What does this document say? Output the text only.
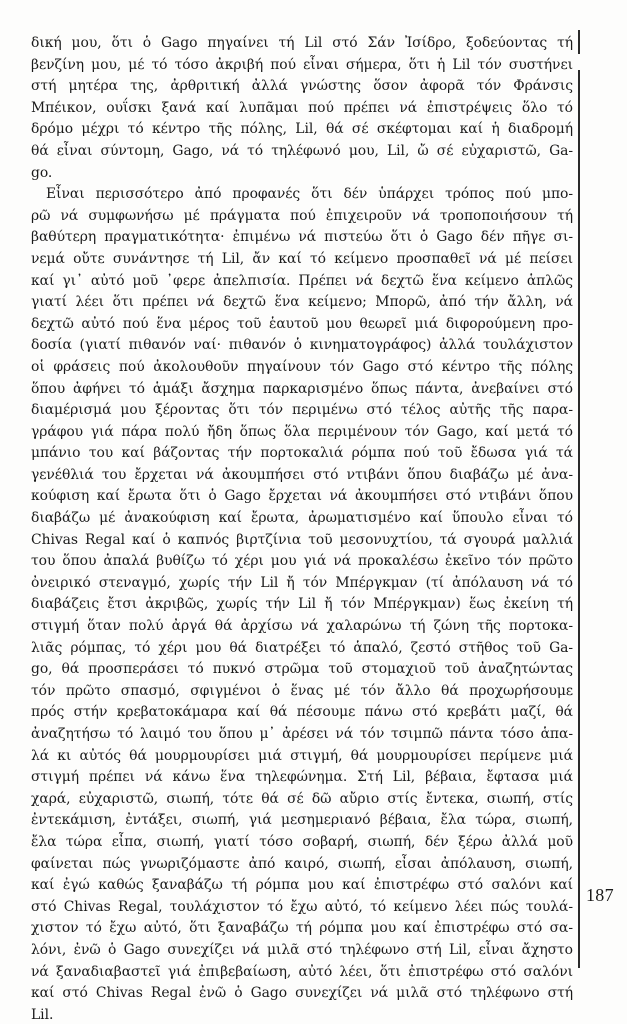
δική μου, ὅτι ὁ Gago πηγαίνει τή Lil στό Σάν Ἰσίδρο, ξοδεύοντας τή
βενζίνη μου, μέ τό τόσο ἀκριβή πού εἶναι σήμερα, ὅτι ἡ Lil τόν συστήνει
στή μητέρα της, ἀρθριτική ἀλλά γνώστης ὅσον ἀφορᾶ τόν Φράνσις
Μπέικον, ουΐσκι ξανά καί λυπᾶμαι πού πρέπει νά ἐπιστρέψεις ὅλο τό
δρόμο μέχρι τό κέντρο τῆς πόλης, Lil, θά σέ σκέφτομαι καί ἡ διαδρομή
θά εἶναι σύντομη, Gago, νά τό τηλέφωνό μου, Lil, ὤ σέ εὐχαριστῶ, Ga-
go.
Εἶναι περισσότερο ἀπό προφανές ὅτι δέν ὑπάρχει τρόπος πού μπο-
ρῶ νά συμφωνήσω μέ πράγματα πού ἐπιχειροῦν νά τροποποιήσουν τή
βαθύτερη πραγματικότητα· ἐπιμένω νά πιστεύω ὅτι ὁ Gago δέν πῆγε σι-
νεμά οὔτε συνάντησε τή Lil, ἄν καί τό κείμενο προσπαθεῖ νά μέ πείσει
καί γι᾽ αὐτό μοῦ ᾽φερε ἀπελπισία. Πρέπει νά δεχτῶ ἕνα κείμενο ἁπλῶς
γιατί λέει ὅτι πρέπει νά δεχτῶ ἕνα κείμενο; Μπορῶ, ἀπό τήν ἄλλη, νά
δεχτῶ αὐτό πού ἕνα μέρος τοῦ ἑαυτοῦ μου θεωρεῖ μιά διφορούμενη προ-
δοσία (γιατί πιθανόν ναί· πιθανόν ὁ κινηματογράφος) ἀλλά τουλάχιστον
οἱ φράσεις πού ἀκολουθοῦν πηγαίνουν τόν Gago στό κέντρο τῆς πόλης
ὅπου ἀφήνει τό ἁμάξι ἄσχημα παρκαρισμένο ὅπως πάντα, ἀνεβαίνει στό
διαμέρισμά μου ξέροντας ὅτι τόν περιμένω στό τέλος αὐτῆς τῆς παρα-
γράφου γιά πάρα πολύ ἤδη ὅπως ὅλα περιμένουν τόν Gago, καί μετά τό
μπάνιο του καί βάζοντας τήν πορτοκαλιά ρόμπα πού τοῦ ἔδωσα γιά τά
γενέθλιά του ἔρχεται νά ἀκουμπήσει στό ντιβάνι ὅπου διαβάζω μέ ἀνα-
κούφιση καί ἔρωτα ὅτι ὁ Gago ἔρχεται νά ἀκουμπήσει στό ντιβάνι ὅπου
διαβάζω μέ ἀνακούφιση καί ἔρωτα, ἀρωματισμένο καί ὕπουλο εἶναι τό
Chivas Regal καί ὁ καπνός βιρτζίνια τοῦ μεσονυχτίου, τά σγουρά μαλλιά
του ὅπου ἀπαλά βυθίζω τό χέρι μου γιά νά προκαλέσω ἐκεῖνο τόν πρῶτο
ὀνειρικό στεναγμό, χωρίς τήν Lil ἤ τόν Μπέργκμαν (τί ἀπόλαυση νά τό
διαβάζεις ἔτσι ἀκριβῶς, χωρίς τήν Lil ἤ τόν Μπέργκμαν) ἕως ἐκείνη τή
στιγμή ὅταν πολύ ἀργά θά ἀρχίσω νά χαλαρώνω τή ζώνη τῆς πορτοκα-
λιᾶς ρόμπας, τό χέρι μου θά διατρέξει τό ἁπαλό, ζεστό στῆθος τοῦ Ga-
go, θά προσπεράσει τό πυκνό στρῶμα τοῦ στομαχιοῦ τοῦ ἀναζητώντας
τόν πρῶτο σπασμό, σφιγμένοι ὁ ἕνας μέ τόν ἄλλο θά προχωρήσουμε
πρός στήν κρεβατοκάμαρα καί θά πέσουμε πάνω στό κρεβάτι μαζί, θά
ἀναζητήσω τό λαιμό του ὅπου μ᾽ ἀρέσει νά τόν τσιμπῶ πάντα τόσο ἁπα-
λά κι αὐτός θά μουρμουρίσει μιά στιγμή, θά μουρμουρίσει περίμενε μιά
στιγμή πρέπει νά κάνω ἕνα τηλεφώνημα. Στή Lil, βέβαια, ἔφτασα μιά
χαρά, εὐχαριστῶ, σιωπή, τότε θά σέ δῶ αὔριο στίς ἔντεκα, σιωπή, στίς
ἐντεκάμιση, ἐντάξει, σιωπή, γιά μεσημεριανό βέβαια, ἔλα τώρα, σιωπή,
ἔλα τώρα εἶπα, σιωπή, γιατί τόσο σοβαρή, σιωπή, δέν ξέρω ἀλλά μοῦ
φαίνεται πώς γνωριζόμαστε ἀπό καιρό, σιωπή, εἶσαι ἀπόλαυση, σιωπή,
καί ἐγώ καθώς ξαναβάζω τή ρόμπα μου καί ἐπιστρέφω στό σαλόνι καί
στό Chivas Regal, τουλάχιστον τό ἔχω αὐτό, τό κείμενο λέει πώς τουλά-
χιστον τό ἔχω αὐτό, ὅτι ξαναβάζω τή ρόμπα μου καί ἐπιστρέφω στό σα-
λόνι, ἐνῶ ὁ Gago συνεχίζει νά μιλᾶ στό τηλέφωνο στή Lil, εἶναι ἄχηστο
νά ξαναδιαβαστεῖ γιά ἐπιβεβαίωση, αὐτό λέει, ὅτι ἐπιστρέφω στό σαλόνι
καί στό Chivas Regal ἐνῶ ὁ Gago συνεχίζει νά μιλᾶ στό τηλέφωνο στή
Lil.
187
